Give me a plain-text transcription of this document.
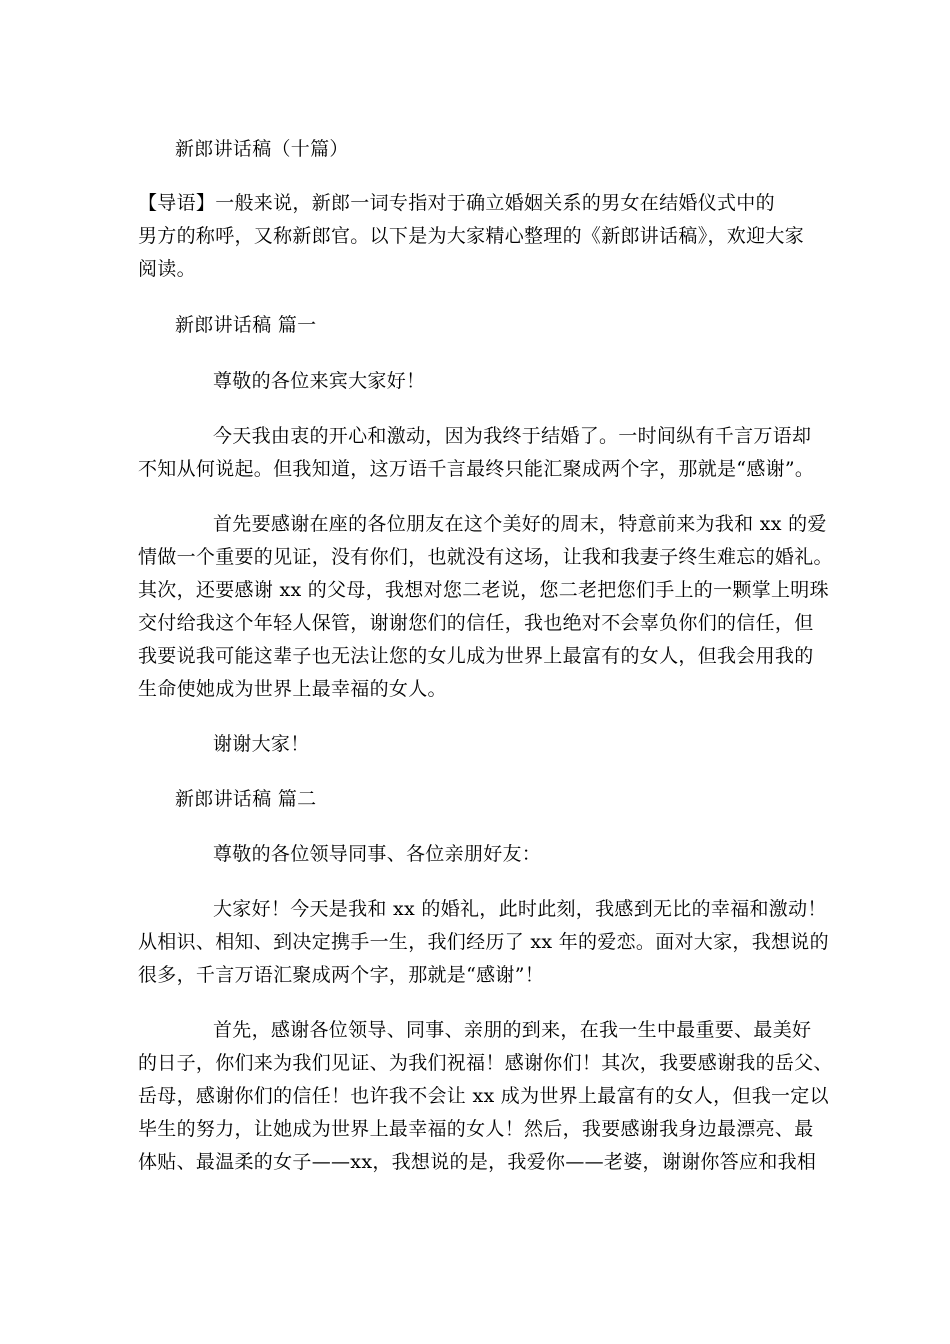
新郎讲话稿（十篇）
【导语】一般来说，新郎一词专指对于确立婚姻关系的男女在结婚仪式中的
男方的称呼，又称新郎官。以下是为大家精心整理的《新郎讲话稿》，欢迎大家
阅读。
新郎讲话稿 篇一
尊敬的各位来宾大家好！
今天我由衷的开心和激动，因为我终于结婚了。一时间纵有千言万语却
不知从何说起。但我知道，这万语千言最终只能汇聚成两个字，那就是“感谢”。
首先要感谢在座的各位朋友在这个美好的周末，特意前来为我和 xx 的爱
情做一个重要的见证，没有你们，也就没有这场，让我和我妻子终生难忘的婚礼。
其次，还要感谢 xx 的父母，我想对您二老说，您二老把您们手上的一颗掌上明珠
交付给我这个年轻人保管，谢谢您们的信任，我也绝对不会辜负你们的信任，但
我要说我可能这辈子也无法让您的女儿成为世界上最富有的女人，但我会用我的
生命使她成为世界上最幸福的女人。
谢谢大家！
新郎讲话稿 篇二
尊敬的各位领导同事、各位亲朋好友：
大家好！今天是我和 xx 的婚礼，此时此刻，我感到无比的幸福和激动！
从相识、相知、到决定携手一生，我们经历了 xx 年的爱恋。面对大家，我想说的
很多，千言万语汇聚成两个字，那就是“感谢”！
首先，感谢各位领导、同事、亲朋的到来，在我一生中最重要、最美好
的日子，你们来为我们见证、为我们祝福！感谢你们！其次，我要感谢我的岳父、
岳母，感谢你们的信任！也许我不会让 xx 成为世界上最富有的女人，但我一定以
毕生的努力，让她成为世界上最幸福的女人！然后，我要感谢我身边最漂亮、最
体贴、最温柔的女子——xx，我想说的是，我爱你——老婆，谢谢你答应和我相
